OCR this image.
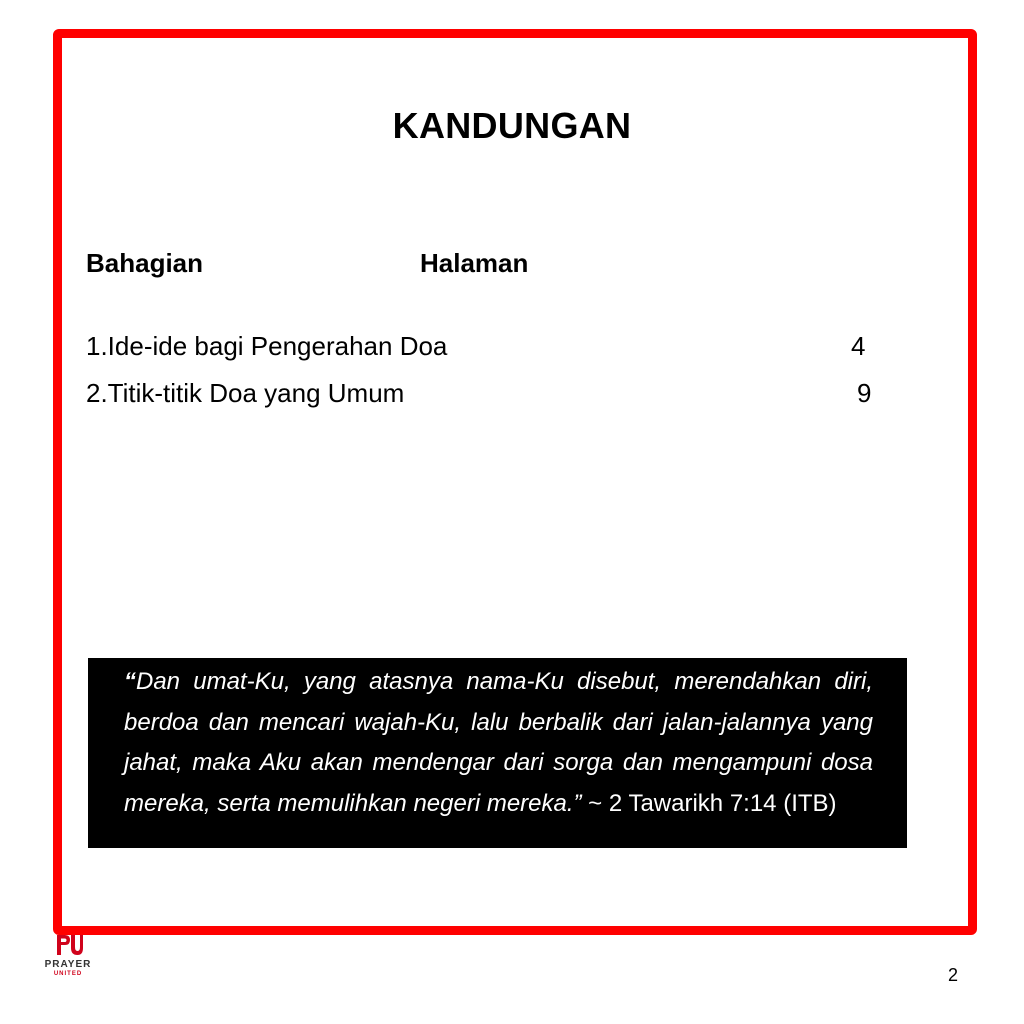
KANDUNGAN
Bahagian	Halaman
1.Ide-ide bagi Pengerahan Doa	4
2.Titik-titik Doa yang Umum	9
“Dan umat-Ku, yang atasnya nama-Ku disebut, merendahkan diri, berdoa dan mencari wajah-Ku, lalu berbalik dari jalan-jalannya yang jahat, maka Aku akan mendengar dari sorga dan mengampuni dosa mereka, serta memulihkan negeri mereka.” ~ 2 Tawarikh 7:14 (ITB)
PRAYER
UNITED	2
